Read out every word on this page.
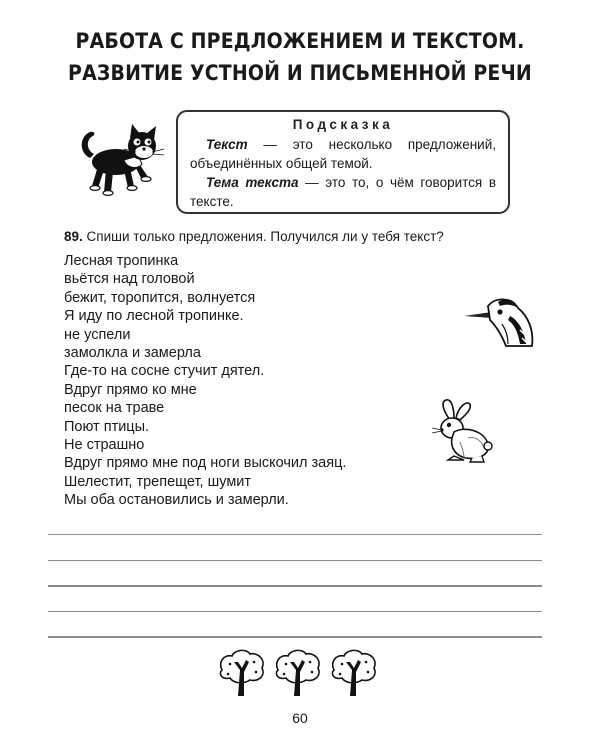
РАБОТА С ПРЕДЛОЖЕНИЕМ И ТЕКСТОМ.
РАЗВИТИЕ УСТНОЙ И ПИСЬМЕННОЙ РЕЧИ
Подсказка

Текст — это несколько предложений, объединённых общей темой.

Тема текста — это то, о чём говорится в тексте.

89. Спиши только предложения. Получился ли у тебя текст?
Лесная тропинка
вьётся над головой
бежит, торопится, волнуется
Я иду по лесной тропинке.
не успели
замолкла и замерла
Где-то на сосне стучит дятел.
Вдруг прямо ко мне
песок на траве
Поют птицы.
Не страшно
Вдруг прямо мне под ноги выскочил заяц.
Шелестит, трепещет, шумит
Мы оба остановились и замерли.
60
